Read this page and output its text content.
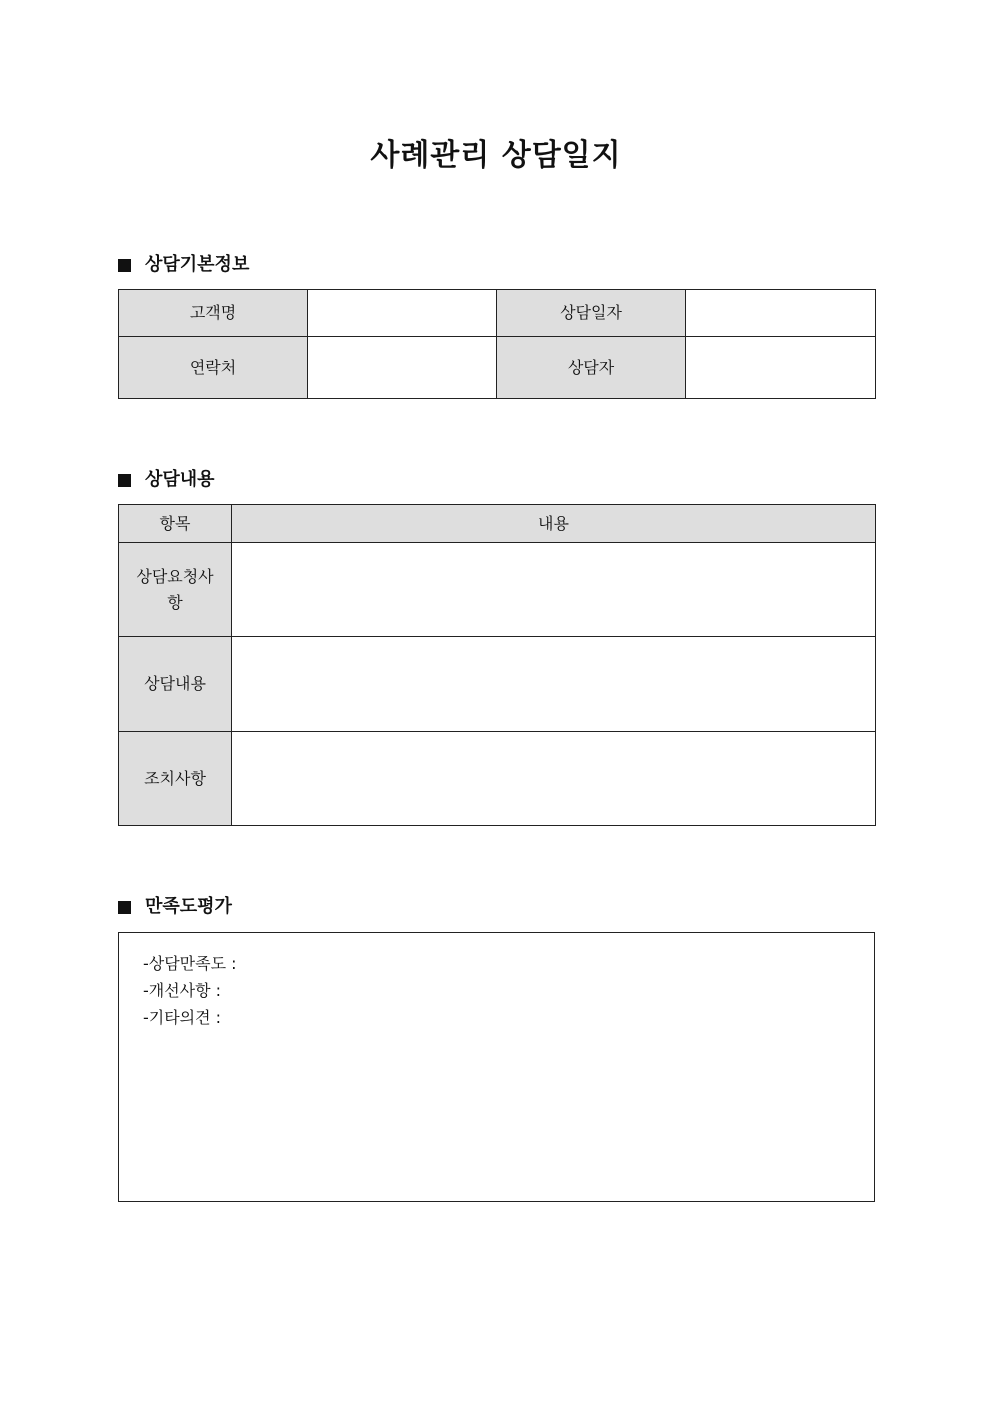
사례관리 상담일지
상담기본정보
고객명		상담일자	
연락처		상담자	
상담내용
항목	내용
상담요청사항	
상담내용	
조치사항	
만족도평가
-상담만족도 :
-개선사항 :
-기타의견 :
